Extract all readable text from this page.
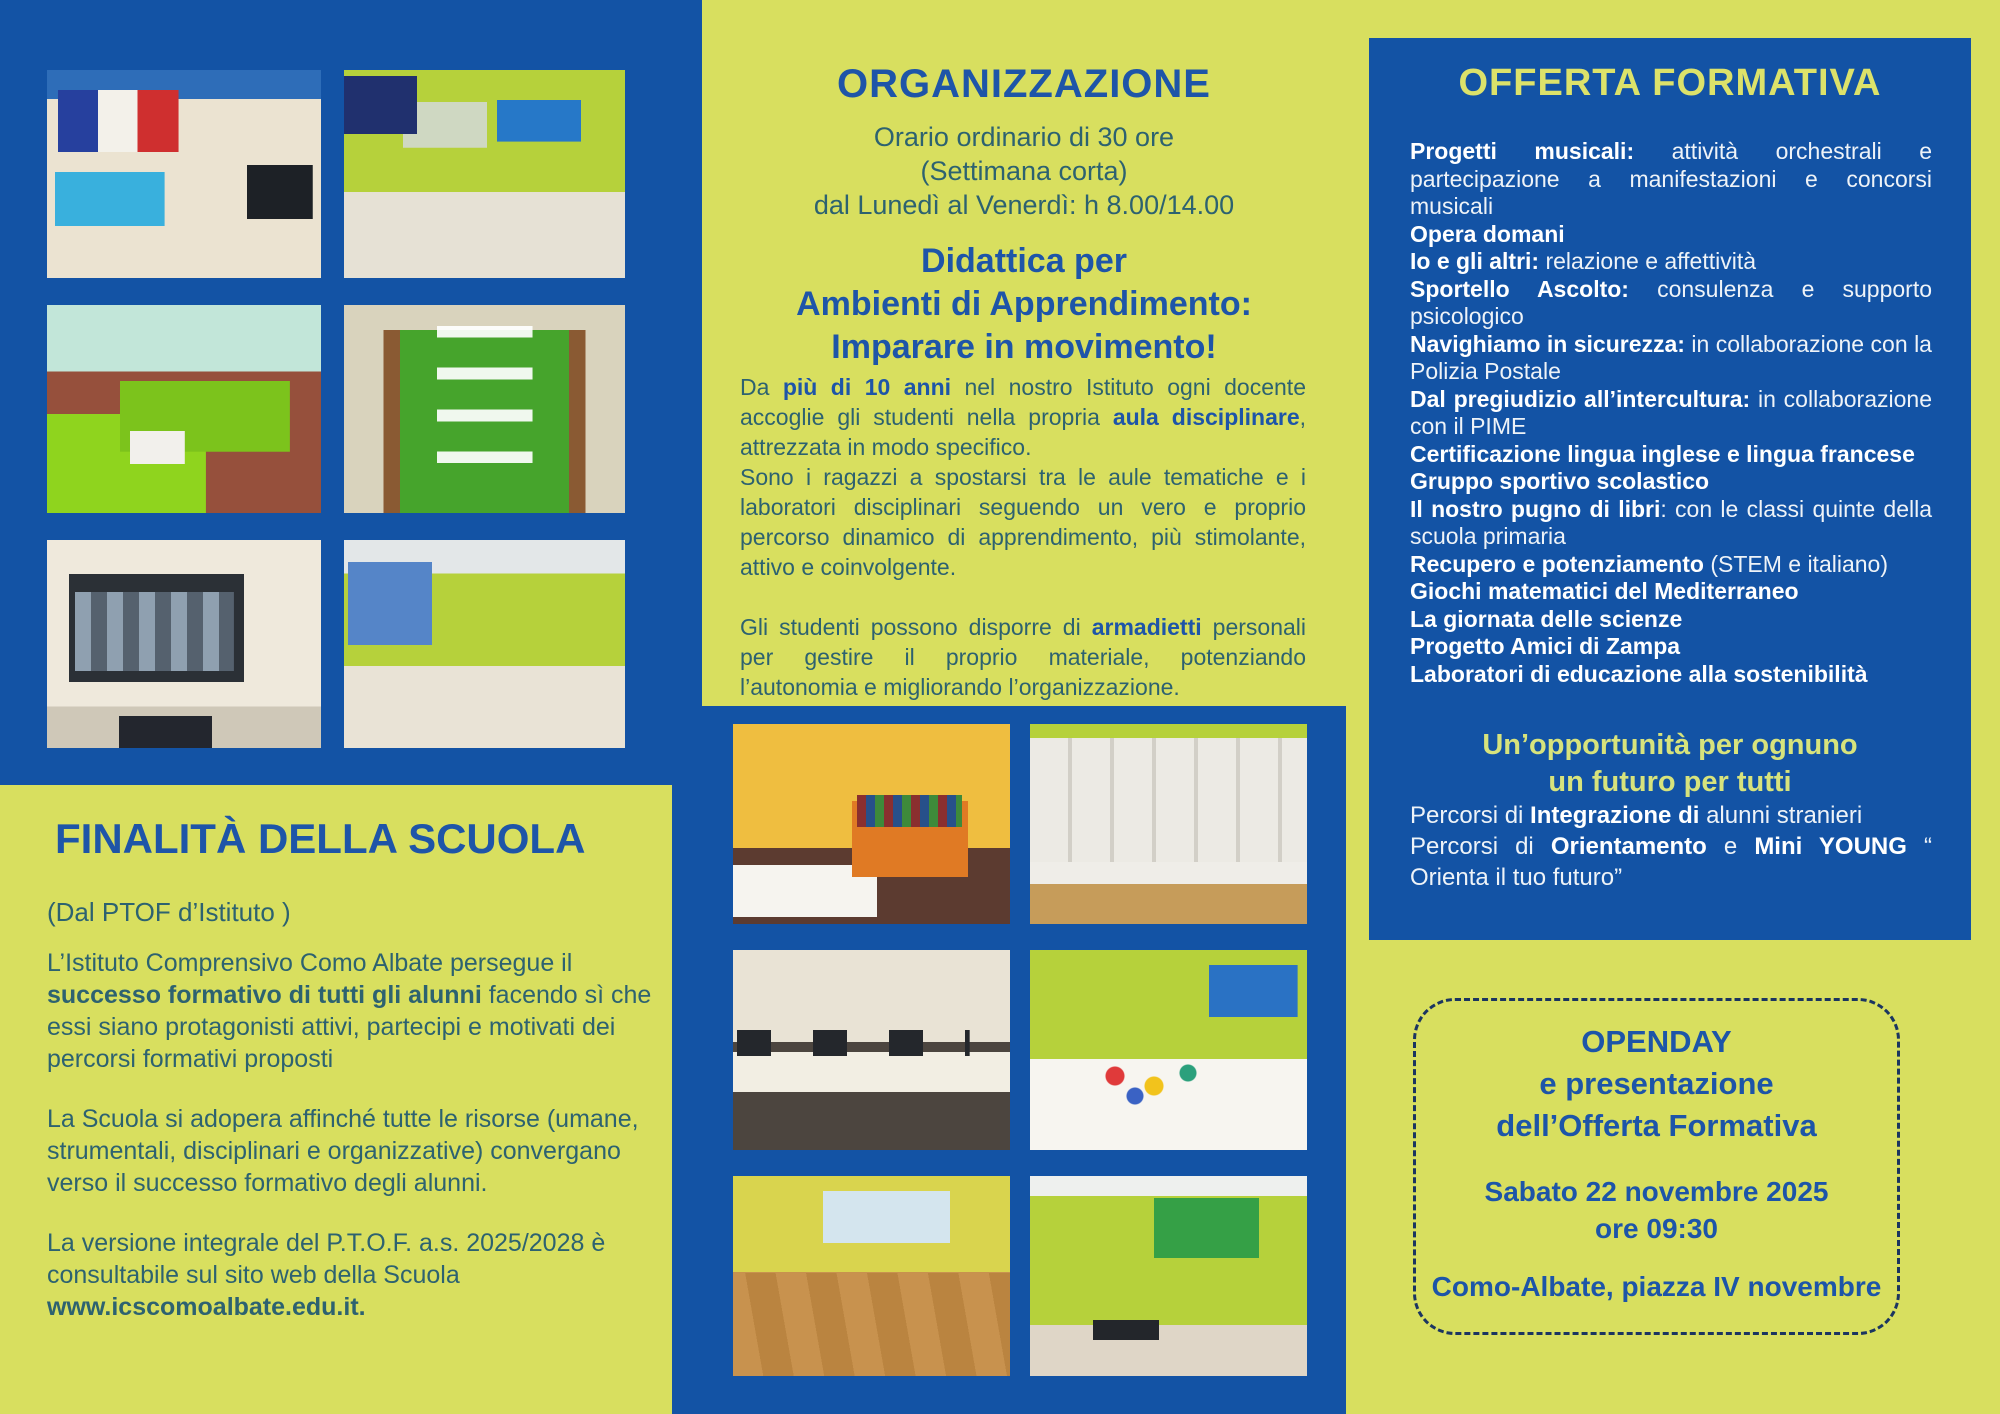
ORGANIZZAZIONE
Orario ordinario di 30 ore
(Settimana corta)
dal Lunedì al Venerdì: h 8.00/14.00
Didattica per
Ambienti di Apprendimento:
Imparare in movimento!

Da più di 10 anni nel nostro Istituto ogni docente accoglie gli studenti nella propria aula disciplinare, attrezzata in modo specifico.

Sono i ragazzi a spostarsi tra le aule tematiche e i laboratori disciplinari seguendo un vero e proprio percorso dinamico di apprendimento, più stimolante, attivo e coinvolgente.

Gli studenti possono disporre di armadietti personali per gestire il proprio materiale, potenziando l’autonomia e migliorando l’organizzazione.

FINALITÀ DELLA SCUOLA
(Dal PTOF d’Istituto )

L’Istituto Comprensivo Como Albate persegue il successo formativo di tutti gli alunni facendo sì che essi siano protagonisti attivi, partecipi e motivati dei percorsi formativi proposti

La Scuola si adopera affinché tutte le risorse (umane, strumentali, disciplinari e organizzative) convergano verso il successo formativo degli alunni.

La versione integrale del P.T.O.F. a.s. 2025/2028 è consultabile sul sito web della Scuola www.icscomoalbate.edu.it.

OFFERTA FORMATIVA
Progetti musicali: attività orchestrali e partecipazione a manifestazioni e concorsi musicali
Opera domani
Io e gli altri: relazione e affettività
Sportello Ascolto: consulenza e supporto psicologico
Navighiamo in sicurezza: in collaborazione con la Polizia Postale
Dal pregiudizio all’intercultura: in collaborazione con il PIME
Certificazione lingua inglese e lingua francese
Gruppo sportivo scolastico
Il nostro pugno di libri: con le classi quinte della scuola primaria
Recupero e potenziamento (STEM e italiano)
Giochi matematici del Mediterraneo
La giornata delle scienze
Progetto Amici di Zampa
Laboratori di educazione alla sostenibilità
Un’opportunità per ognuno
un futuro per tutti
Percorsi di Integrazione di alunni stranieri
Percorsi di Orientamento e Mini YOUNG “ Orienta il tuo futuro”
OPENDAY
e presentazione
dell’Offerta Formativa
Sabato 22 novembre 2025
ore 09:30
Como-Albate, piazza IV novembre
